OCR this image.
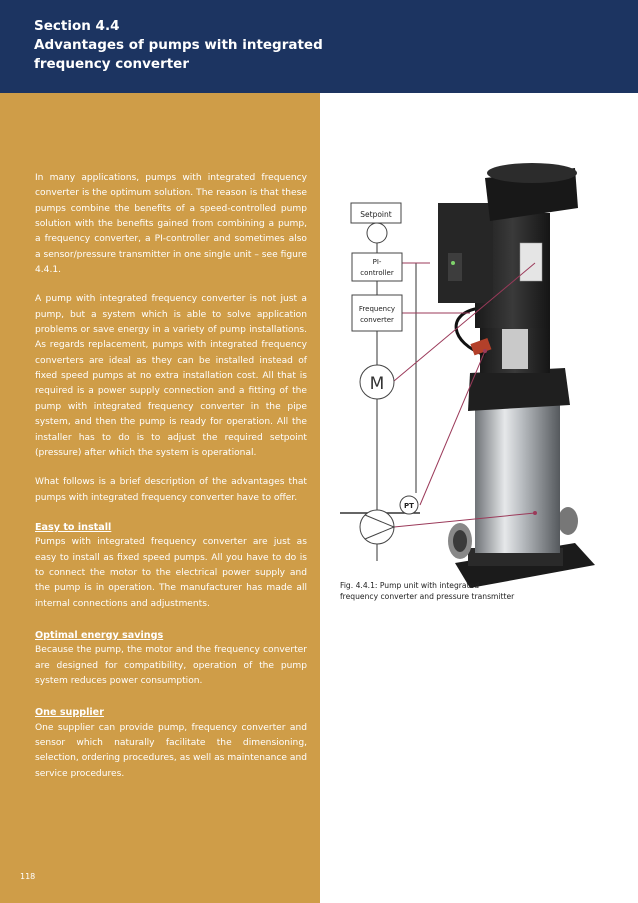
Section 4.4
Advantages of pumps with integrated
frequency converter

In many applications, pumps with integrated frequency converter is the optimum solution. The reason is that these pumps combine the benefits of a speed-controlled pump solution with the benefits gained from combining a pump, a frequency converter, a PI-controller and sometimes also a sensor/pressure transmitter in one single unit – see figure 4.4.1.

A pump with integrated frequency converter is not just a pump, but a system which is able to solve application problems or save energy in a variety of pump installations. As regards replacement, pumps with integrated frequency converters are ideal as they can be installed instead of fixed speed pumps at no extra installation cost. All that is required is a power supply connection and a fitting of the pump with integrated frequency converter in the pipe system, and then the pump is ready for operation. All the installer has to do is to adjust the required setpoint (pressure) after which the system is operational.

What follows is a brief description of the advantages that pumps with integrated frequency converter have to offer.

Easy to install

Pumps with integrated frequency converter are just as easy to install as fixed speed pumps. All you have to do is to connect the motor to the electrical power supply and the pump is in operation. The manufacturer has made all internal connections and adjustments.

Optimal energy savings

Because the pump, the motor and the frequency converter are designed for compatibility, operation of the pump system reduces power consumption.

One supplier

One supplier can provide pump, frequency converter and sensor which naturally facilitate the dimensioning, selection, ordering procedures, as well as maintenance and service procedures.

118
Setpoint
PI-
controller
Frequency
converter
M
PT
Fig. 4.4.1: Pump unit with integrated
frequency converter and pressure transmitter
